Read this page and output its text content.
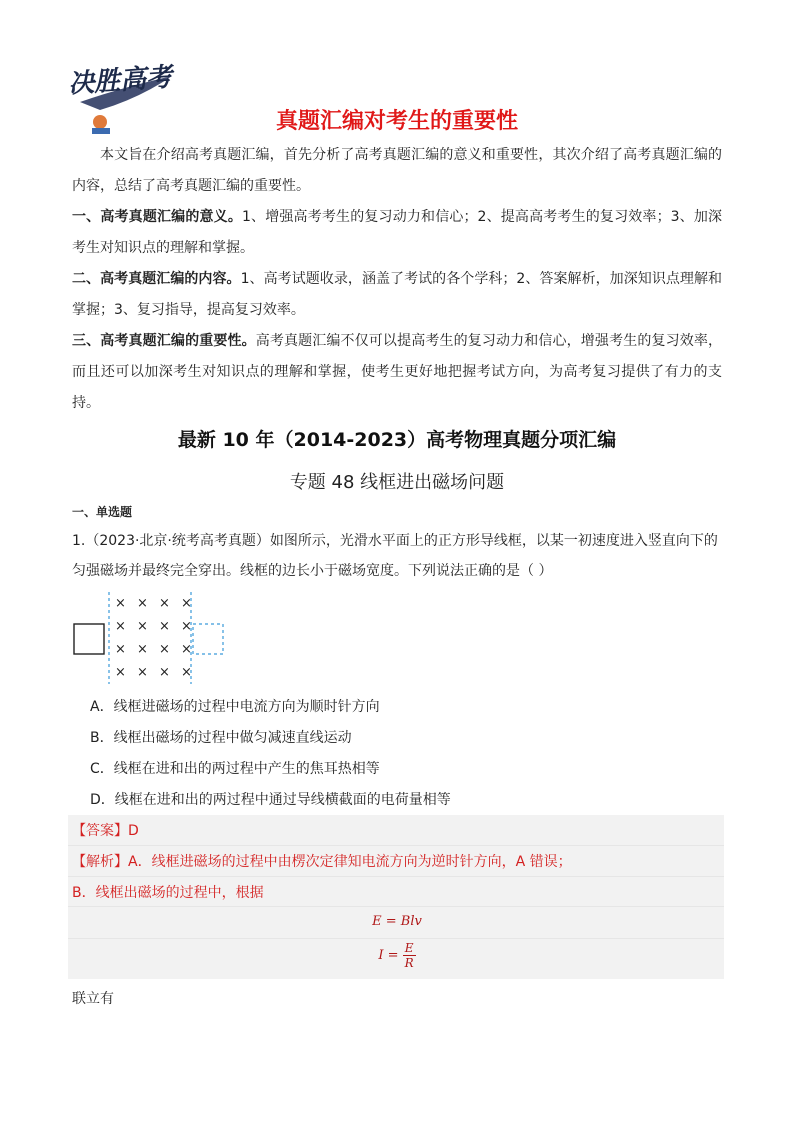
决胜高考
真题汇编对考生的重要性
本文旨在介绍高考真题汇编，首先分析了高考真题汇编的意义和重要性，其次介绍了高考真题汇编的内容，总结了高考真题汇编的重要性。
一、高考真题汇编的意义。1、增强高考考生的复习动力和信心；2、提高高考考生的复习效率；3、加深考生对知识点的理解和掌握。
二、高考真题汇编的内容。1、高考试题收录，涵盖了考试的各个学科；2、答案解析，加深知识点理解和掌握；3、复习指导，提高复习效率。
三、高考真题汇编的重要性。高考真题汇编不仅可以提高考生的复习动力和信心，增强考生的复习效率，而且还可以加深考生对知识点的理解和掌握，使考生更好地把握考试方向，为高考复习提供了有力的支持。
最新 10 年（2014-2023）高考物理真题分项汇编
专题 48 线框进出磁场问题
一、单选题
1.（2023·北京·统考高考真题）如图所示，光滑水平面上的正方形导线框，以某一初速度进入竖直向下的匀强磁场并最终完全穿出。线框的边长小于磁场宽度。下列说法正确的是（ ）
× × × ×
× × × ×
× × × ×
× × × ×
A．线框进磁场的过程中电流方向为顺时针方向
B．线框出磁场的过程中做匀减速直线运动
C．线框在进和出的两过程中产生的焦耳热相等
D．线框在进和出的两过程中通过导线横截面的电荷量相等
【答案】D
【解析】A．线框进磁场的过程中由楞次定律知电流方向为逆时针方向，A 错误；
B．线框出磁场的过程中，根据
E = Blv
$I = \frac{E}{R}$
联立有
